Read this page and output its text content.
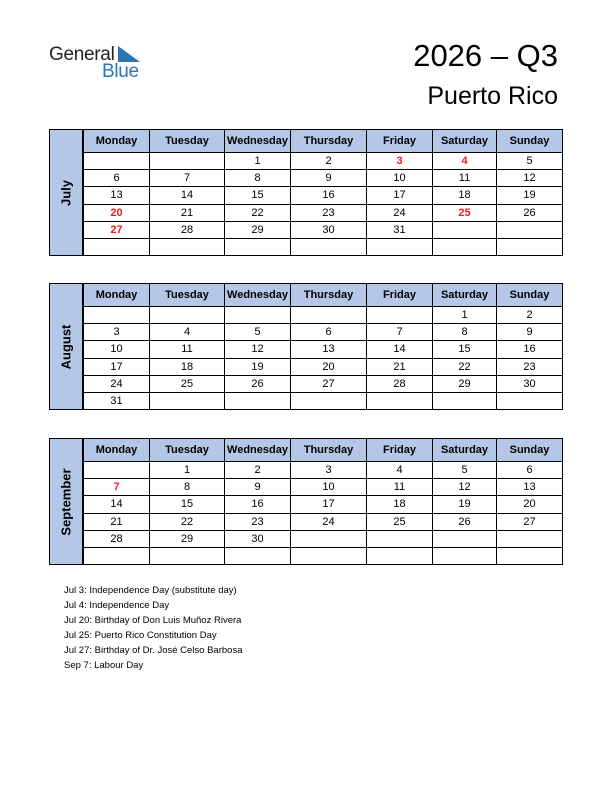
General
Blue	2026 – Q3
Puerto Rico
July
Monday	Tuesday	Wednesday	Thursday	Friday	Saturday	Sunday
		1	2	3	4	5
6	7	8	9	10	11	12
13	14	15	16	17	18	19
20	21	22	23	24	25	26
27	28	29	30	31		

August
Monday	Tuesday	Wednesday	Thursday	Friday	Saturday	Sunday
					1	2
3	4	5	6	7	8	9
10	11	12	13	14	15	16
17	18	19	20	21	22	23
24	25	26	27	28	29	30
31						
September
Monday	Tuesday	Wednesday	Thursday	Friday	Saturday	Sunday
	1	2	3	4	5	6
7	8	9	10	11	12	13
14	15	16	17	18	19	20
21	22	23	24	25	26	27
28	29	30				

Jul 3: Independence Day (substitute day)
Jul 4: Independence Day
Jul 20: Birthday of Don Luis Muñoz Rivera
Jul 25: Puerto Rico Constitution Day
Jul 27: Birthday of Dr. José Celso Barbosa
Sep 7: Labour Day
